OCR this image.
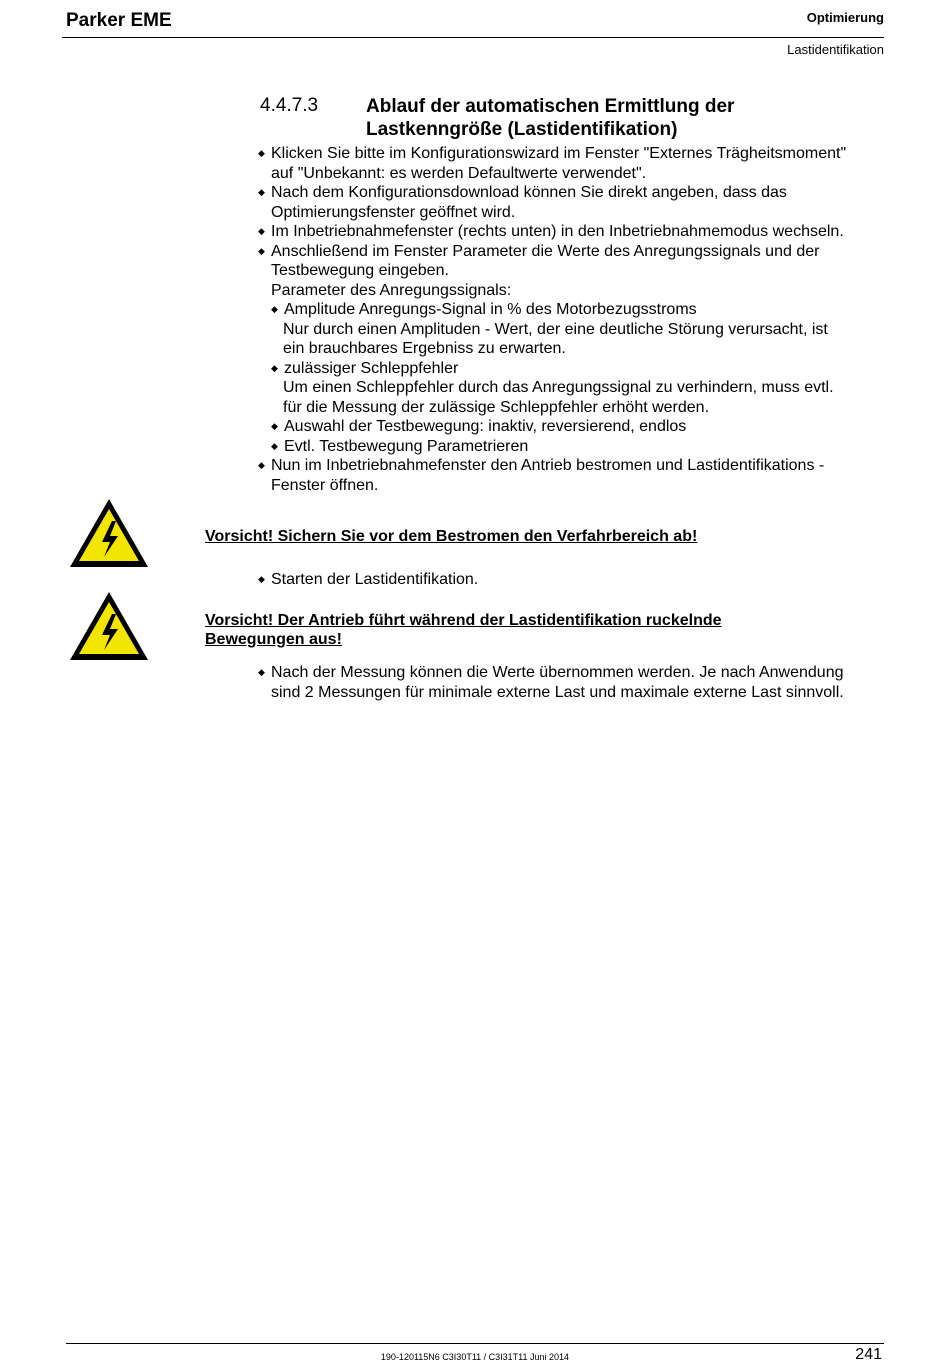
Parker EME	Optimierung
Lastidentifikation
4.4.7.3	Ablauf der automatischen Ermittlung der
Lastkenngröße (Lastidentifikation)
◆ Klicken Sie bitte im Konfigurationswizard im Fenster "Externes Trägheitsmoment"
auf "Unbekannt: es werden Defaultwerte verwendet".
◆ Nach dem Konfigurationsdownload können Sie direkt angeben, dass das
Optimierungsfenster geöffnet wird.
◆ Im Inbetriebnahmefenster (rechts unten) in den Inbetriebnahmemodus wechseln.
◆ Anschließend im Fenster Parameter die Werte des Anregungssignals und der
Testbewegung eingeben.
Parameter des Anregungssignals:
◆ Amplitude Anregungs-Signal in % des Motorbezugsstroms
Nur durch einen Amplituden - Wert, der eine deutliche Störung verursacht, ist
ein brauchbares Ergebniss zu erwarten.
◆ zulässiger Schleppfehler
Um einen Schleppfehler durch das Anregungssignal zu verhindern, muss evtl.
für die Messung der zulässige Schleppfehler erhöht werden.
◆ Auswahl der Testbewegung: inaktiv, reversierend, endlos
◆ Evtl. Testbewegung Parametrieren
◆ Nun im Inbetriebnahmefenster den Antrieb bestromen und Lastidentifikations -
Fenster öffnen.
Vorsicht! Sichern Sie vor dem Bestromen den Verfahrbereich ab!
◆ Starten der Lastidentifikation.
Vorsicht! Der Antrieb führt während der Lastidentifikation ruckelnde
Bewegungen aus!
◆ Nach der Messung können die Werte übernommen werden. Je nach Anwendung
sind 2 Messungen für minimale externe Last und maximale externe Last sinnvoll.
190-120115N6 C3I30T11 / C3I31T11 Juni 2014	241
